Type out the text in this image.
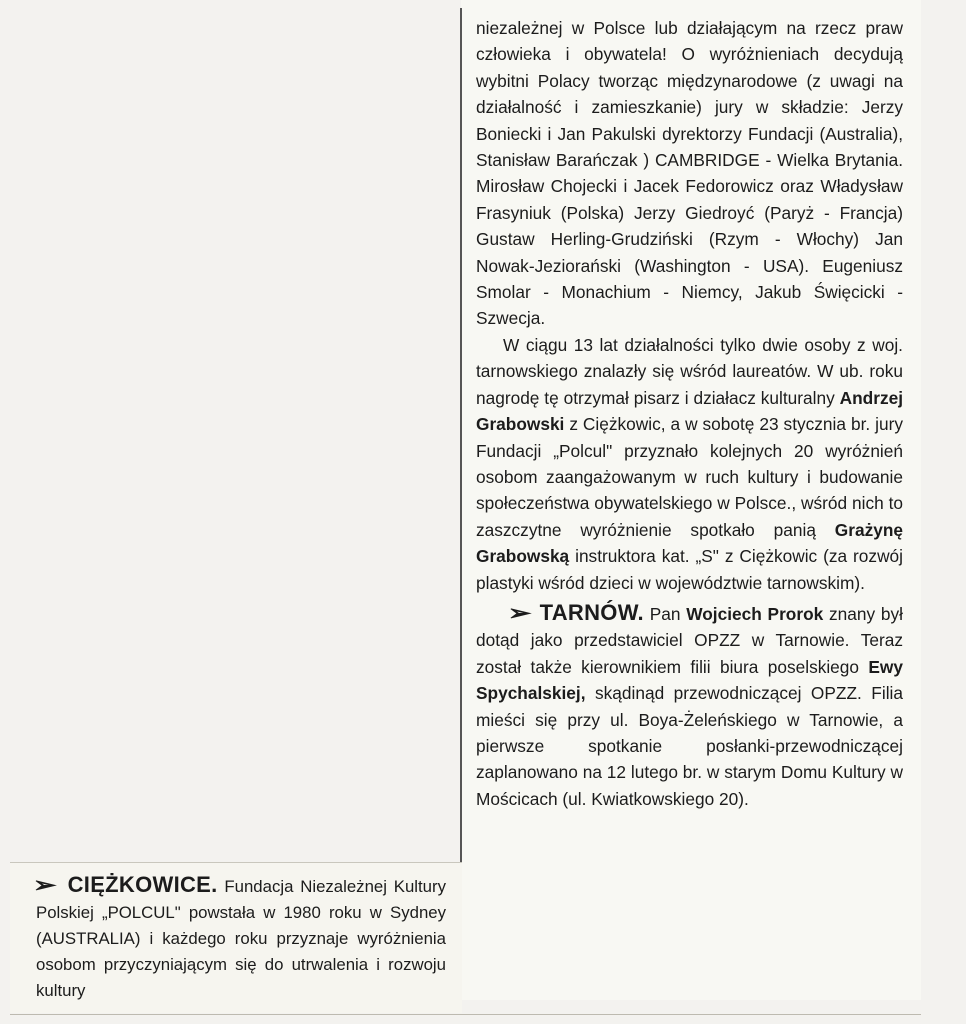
niezależnej w Polsce lub działającym na rzecz praw człowieka i obywatela! O wyróżnieniach decydują wybitni Polacy tworząc międzynarodowe (z uwagi na działalność i zamieszkanie) jury w składzie: Jerzy Boniecki i Jan Pakulski dyrektorzy Fundacji (Australia), Stanisław Barańczak ) CAMBRIDGE - Wielka Brytania. Mirosław Chojecki i Jacek Fedorowicz oraz Władysław Frasyniuk (Polska) Jerzy Giedroyć (Paryż - Francja) Gustaw Herling-Grudziński (Rzym - Włochy) Jan Nowak-Jeziorański (Washington - USA). Eugeniusz Smolar - Monachium - Niemcy, Jakub Święcicki - Szwecja.

W ciągu 13 lat działalności tylko dwie osoby z woj. tarnowskiego znalazły się wśród laureatów. W ub. roku nagrodę tę otrzymał pisarz i działacz kulturalny Andrzej Grabowski z Ciężkowic, a w sobotę 23 stycznia br. jury Fundacji „Polcul" przyznało kolejnych 20 wyróżnień osobom zaangażowanym w ruch kultury i budowanie społeczeństwa obywatelskiego w Polsce., wśród nich to zaszczytne wyróżnienie spotkało panią Grażynę Grabowską instruktora kat. „S" z Ciężkowic (za rozwój plastyki wśród dzieci w województwie tarnowskim).

➢ TARNÓW. Pan Wojciech Prorok znany był dotąd jako przedstawiciel OPZZ w Tarnowie. Teraz został także kierownikiem filii biura poselskiego Ewy Spychalskiej, skądinąd przewodniczącej OPZZ. Filia mieści się przy ul. Boya-Żeleńskiego w Tarnowie, a pierwsze spotkanie posłanki-przewodniczącej zaplanowano na 12 lutego br. w starym Domu Kultury w Mościcach (ul. Kwiatkowskiego 20).

➢ CIĘŻKOWICE. Fundacja Niezależnej Kultury Polskiej „POLCUL" powstała w 1980 roku w Sydney (AUSTRALIA) i każdego roku przyznaje wyróżnienia osobom przyczyniającym się do utrwalenia i rozwoju kultury
